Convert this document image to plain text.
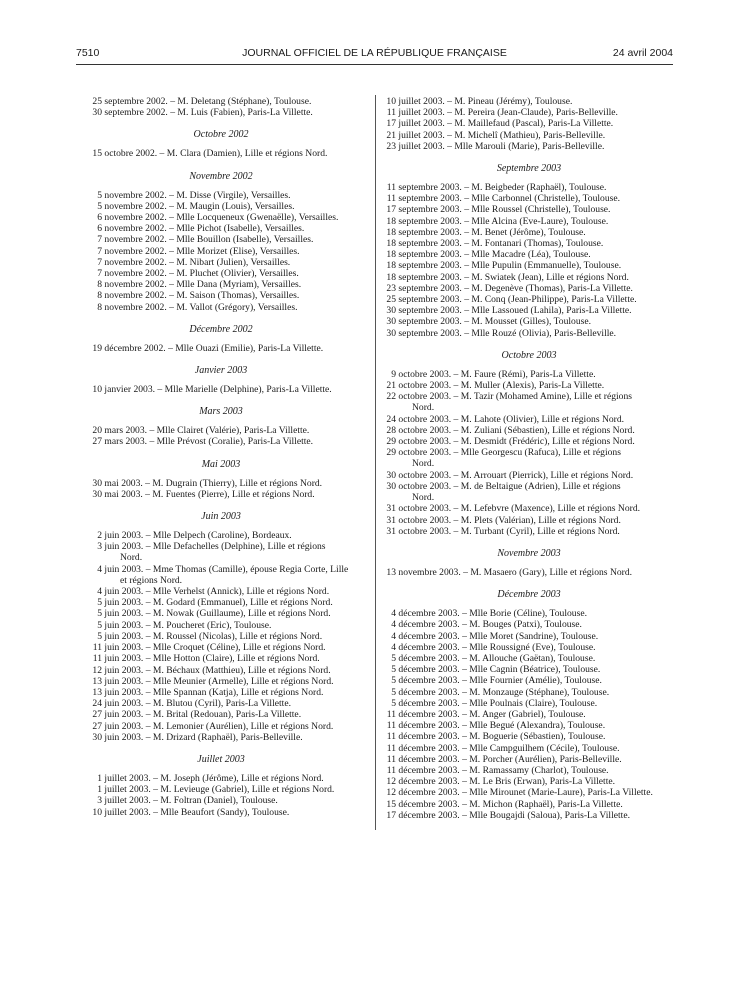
7510	JOURNAL OFFICIEL DE LA RÉPUBLIQUE FRANÇAISE	24 avril 2004
25 septembre 2002. – M. Deletang (Stéphane), Toulouse.
30 septembre 2002. – M. Luis (Fabien), Paris-La Villette.
Octobre 2002
15 octobre 2002. – M. Clara (Damien), Lille et régions Nord.
Novembre 2002
5 novembre 2002. – M. Disse (Virgile), Versailles.
5 novembre 2002. – M. Maugin (Louis), Versailles.
6 novembre 2002. – Mlle Locqueneux (Gwenaëlle), Versailles.
6 novembre 2002. – Mlle Pichot (Isabelle), Versailles.
7 novembre 2002. – Mlle Bouillon (Isabelle), Versailles.
7 novembre 2002. – Mlle Morizet (Elise), Versailles.
7 novembre 2002. – M. Nibart (Julien), Versailles.
7 novembre 2002. – M. Pluchet (Olivier), Versailles.
8 novembre 2002. – Mlle Dana (Myriam), Versailles.
8 novembre 2002. – M. Saison (Thomas), Versailles.
8 novembre 2002. – M. Vallot (Grégory), Versailles.
Décembre 2002
19 décembre 2002. – Mlle Ouazi (Emilie), Paris-La Villette.
Janvier 2003
10 janvier 2003. – Mlle Marielle (Delphine), Paris-La Villette.
Mars 2003
20 mars 2003. – Mlle Clairet (Valérie), Paris-La Villette.
27 mars 2003. – Mlle Prévost (Coralie), Paris-La Villette.
Mai 2003
30 mai 2003. – M. Dugrain (Thierry), Lille et régions Nord.
30 mai 2003. – M. Fuentes (Pierre), Lille et régions Nord.
Juin 2003
2 juin 2003. – Mlle Delpech (Caroline), Bordeaux.
3 juin 2003. – Mlle Defachelles (Delphine), Lille et régions
Nord.
4 juin 2003. – Mme Thomas (Camille), épouse Regia Corte, Lille
et régions Nord.
4 juin 2003. – Mlle Verhelst (Annick), Lille et régions Nord.
5 juin 2003. – M. Godard (Emmanuel), Lille et régions Nord.
5 juin 2003. – M. Nowak (Guillaume), Lille et régions Nord.
5 juin 2003. – M. Poucheret (Eric), Toulouse.
5 juin 2003. – M. Roussel (Nicolas), Lille et régions Nord.
11 juin 2003. – Mlle Croquet (Céline), Lille et régions Nord.
11 juin 2003. – Mlle Hotton (Claire), Lille et régions Nord.
12 juin 2003. – M. Béchaux (Matthieu), Lille et régions Nord.
13 juin 2003. – Mlle Meunier (Armelle), Lille et régions Nord.
13 juin 2003. – Mlle Spannan (Katja), Lille et régions Nord.
24 juin 2003. – M. Blutou (Cyril), Paris-La Villette.
27 juin 2003. – M. Brital (Redouan), Paris-La Villette.
27 juin 2003. – M. Lemonier (Aurélien), Lille et régions Nord.
30 juin 2003. – M. Drizard (Raphaël), Paris-Belleville.
Juillet 2003
1 juillet 2003. – M. Joseph (Jérôme), Lille et régions Nord.
1 juillet 2003. – M. Levieuge (Gabriel), Lille et régions Nord.
3 juillet 2003. – M. Foltran (Daniel), Toulouse.
10 juillet 2003. – Mlle Beaufort (Sandy), Toulouse.
10 juillet 2003. – M. Pineau (Jérémy), Toulouse.
11 juillet 2003. – M. Pereira (Jean-Claude), Paris-Belleville.
17 juillet 2003. – M. Maillefaud (Pascal), Paris-La Villette.
21 juillet 2003. – M. Michelî (Mathieu), Paris-Belleville.
23 juillet 2003. – Mlle Marouli (Marie), Paris-Belleville.
Septembre 2003
11 septembre 2003. – M. Beigbeder (Raphaël), Toulouse.
11 septembre 2003. – Mlle Carbonnel (Christelle), Toulouse.
17 septembre 2003. – Mlle Roussel (Christelle), Toulouse.
18 septembre 2003. – Mlle Alcina (Eve-Laure), Toulouse.
18 septembre 2003. – M. Benet (Jérôme), Toulouse.
18 septembre 2003. – M. Fontanari (Thomas), Toulouse.
18 septembre 2003. – Mlle Macadre (Léa), Toulouse.
18 septembre 2003. – Mlle Pupulin (Emmanuelle), Toulouse.
18 septembre 2003. – M. Swiatek (Jean), Lille et régions Nord.
23 septembre 2003. – M. Degenève (Thomas), Paris-La Villette.
25 septembre 2003. – M. Conq (Jean-Philippe), Paris-La Villette.
30 septembre 2003. – Mlle Lassoued (Lahila), Paris-La Villette.
30 septembre 2003. – M. Mousset (Gilles), Toulouse.
30 septembre 2003. – Mlle Rouzé (Olivia), Paris-Belleville.
Octobre 2003
9 octobre 2003. – M. Faure (Rémi), Paris-La Villette.
21 octobre 2003. – M. Muller (Alexis), Paris-La Villette.
22 octobre 2003. – M. Tazir (Mohamed Amine), Lille et régions
Nord.
24 octobre 2003. – M. Lahote (Olivier), Lille et régions Nord.
28 octobre 2003. – M. Zuliani (Sébastien), Lille et régions Nord.
29 octobre 2003. – M. Desmidt (Frédéric), Lille et régions Nord.
29 octobre 2003. – Mlle Georgescu (Rafuca), Lille et régions
Nord.
30 octobre 2003. – M. Arrouart (Pierrick), Lille et régions Nord.
30 octobre 2003. – M. de Beltaigue (Adrien), Lille et régions
Nord.
31 octobre 2003. – M. Lefebvre (Maxence), Lille et régions Nord.
31 octobre 2003. – M. Plets (Valérian), Lille et régions Nord.
31 octobre 2003. – M. Turbant (Cyril), Lille et régions Nord.
Novembre 2003
13 novembre 2003. – M. Masaero (Gary), Lille et régions Nord.
Décembre 2003
4 décembre 2003. – Mlle Borie (Céline), Toulouse.
4 décembre 2003. – M. Bouges (Patxi), Toulouse.
4 décembre 2003. – Mlle Moret (Sandrine), Toulouse.
4 décembre 2003. – Mlle Roussigné (Eve), Toulouse.
5 décembre 2003. – M. Allouche (Gaëtan), Toulouse.
5 décembre 2003. – Mlle Cagnin (Béatrice), Toulouse.
5 décembre 2003. – Mlle Fournier (Amélie), Toulouse.
5 décembre 2003. – M. Monzauge (Stéphane), Toulouse.
5 décembre 2003. – Mlle Poulnais (Claire), Toulouse.
11 décembre 2003. – M. Anger (Gabriel), Toulouse.
11 décembre 2003. – Mlle Begué (Alexandra), Toulouse.
11 décembre 2003. – M. Boguerie (Sébastien), Toulouse.
11 décembre 2003. – Mlle Campguilhem (Cécile), Toulouse.
11 décembre 2003. – M. Porcher (Aurélien), Paris-Belleville.
11 décembre 2003. – M. Ramassamy (Charlot), Toulouse.
12 décembre 2003. – M. Le Bris (Erwan), Paris-La Villette.
12 décembre 2003. – Mlle Mirounet (Marie-Laure), Paris-La Villette.
15 décembre 2003. – M. Michon (Raphaël), Paris-La Villette.
17 décembre 2003. – Mlle Bougajdi (Saloua), Paris-La Villette.
